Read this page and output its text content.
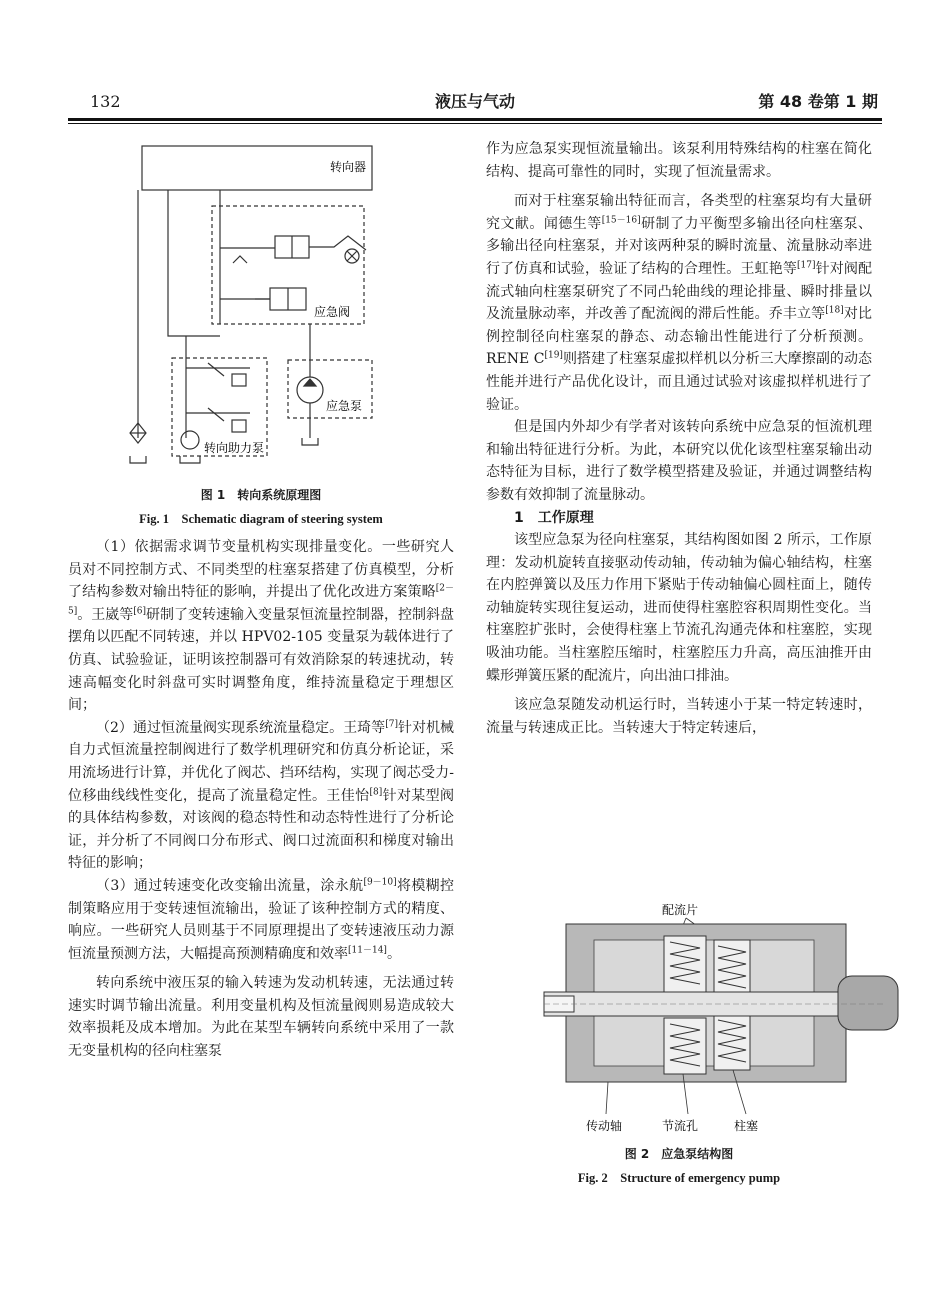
132	液压与气动	第 48 卷第 1 期
转向器
应急阀
应急泵
转向助力泵
图 1　转向系统原理图
Fig. 1　Schematic diagram of steering system

（1）依据需求调节变量机构实现排量变化。一些研究人员对不同控制方式、不同类型的柱塞泵搭建了仿真模型，分析了结构参数对输出特征的影响，并提出了优化改进方案策略[2－5]。王崴等[6]研制了变转速输入变量泵恒流量控制器，控制斜盘摆角以匹配不同转速，并以 HPV02-105 变量泵为载体进行了仿真、试验验证，证明该控制器可有效消除泵的转速扰动，转速高幅变化时斜盘可实时调整角度，维持流量稳定于理想区间；

（2）通过恒流量阀实现系统流量稳定。王琦等[7]针对机械自力式恒流量控制阀进行了数学机理研究和仿真分析论证，采用流场进行计算，并优化了阀芯、挡环结构，实现了阀芯受力-位移曲线线性变化，提高了流量稳定性。王佳怡[8]针对某型阀的具体结构参数，对该阀的稳态特性和动态特性进行了分析论证，并分析了不同阀口分布形式、阀口过流面积和梯度对输出特征的影响；

（3）通过转速变化改变输出流量，涂永航[9－10]将模糊控制策略应用于变转速恒流输出，验证了该种控制方式的精度、响应。一些研究人员则基于不同原理提出了变转速液压动力源恒流量预测方法，大幅提高预测精确度和效率[11－14]。

转向系统中液压泵的输入转速为发动机转速，无法通过转速实时调节输出流量。利用变量机构及恒流量阀则易造成较大效率损耗及成本增加。为此在某型车辆转向系统中采用了一款无变量机构的径向柱塞泵

作为应急泵实现恒流量输出。该泵利用特殊结构的柱塞在简化结构、提高可靠性的同时，实现了恒流量需求。

而对于柱塞泵输出特征而言，各类型的柱塞泵均有大量研究文献。闻德生等[15－16]研制了力平衡型多输出径向柱塞泵、多输出径向柱塞泵，并对该两种泵的瞬时流量、流量脉动率进行了仿真和试验，验证了结构的合理性。王虹艳等[17]针对阀配流式轴向柱塞泵研究了不同凸轮曲线的理论排量、瞬时排量以及流量脉动率，并改善了配流阀的滞后性能。乔丰立等[18]对比例控制径向柱塞泵的静态、动态输出性能进行了分析预测。RENE C[19]则搭建了柱塞泵虚拟样机以分析三大摩擦副的动态性能并进行产品优化设计，而且通过试验对该虚拟样机进行了验证。

但是国内外却少有学者对该转向系统中应急泵的恒流机理和输出特征进行分析。为此，本研究以优化该型柱塞泵输出动态特征为目标，进行了数学模型搭建及验证，并通过调整结构参数有效抑制了流量脉动。

1　工作原理

该型应急泵为径向柱塞泵，其结构图如图 2 所示，工作原理：发动机旋转直接驱动传动轴，传动轴为偏心轴结构，柱塞在内腔弹簧以及压力作用下紧贴于传动轴偏心圆柱面上，随传动轴旋转实现往复运动，进而使得柱塞腔容积周期性变化。当柱塞腔扩张时，会使得柱塞上节流孔沟通壳体和柱塞腔，实现吸油功能。当柱塞腔压缩时，柱塞腔压力升高，高压油推开由蝶形弹簧压紧的配流片，向出油口排油。

该应急泵随发动机运行时，当转速小于某一特定转速时，流量与转速成正比。当转速大于特定转速后，

配流片
传动轴	节流孔	柱塞
图 2　应急泵结构图
Fig. 2　Structure of emergency pump
